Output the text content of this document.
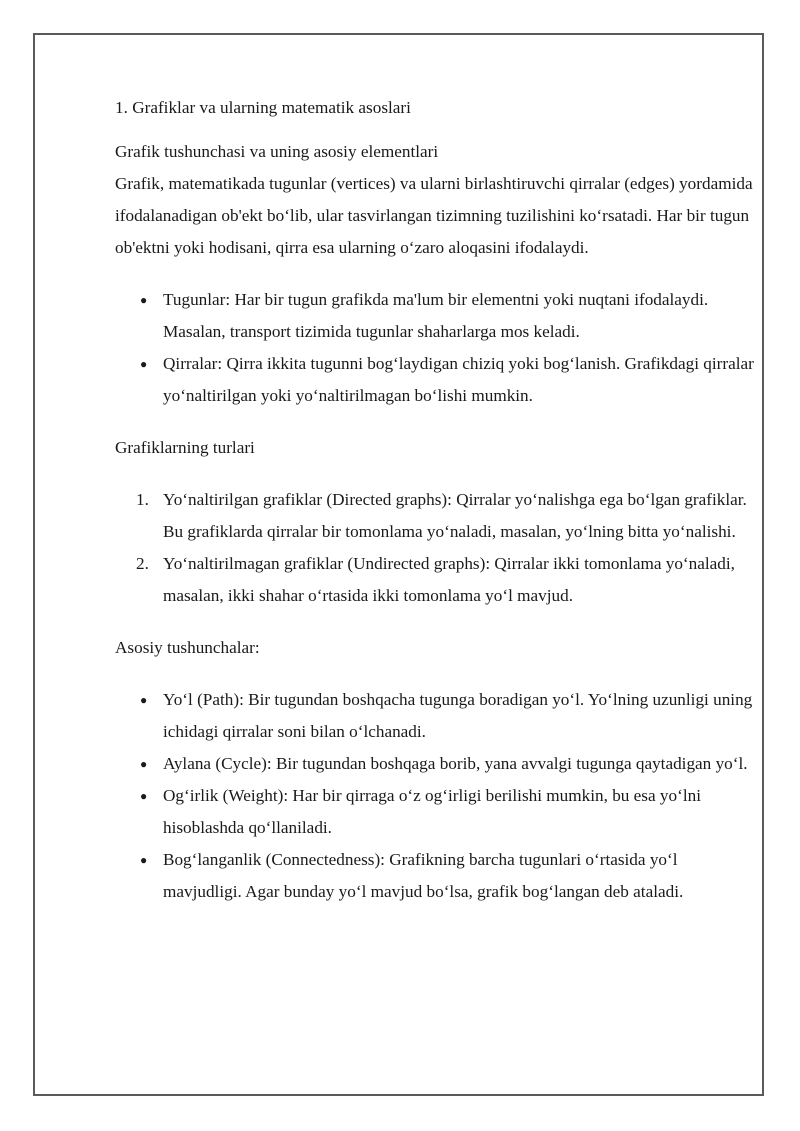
1. Grafiklar va ularning matematik asoslari

Grafik tushunchasi va uning asosiy elementlari

Grafik, matematikada tugunlar (vertices) va ularni birlashtiruvchi qirralar (edges) yordamida ifodalanadigan ob'ekt bo‘lib, ular tasvirlangan tizimning tuzilishini ko‘rsatadi. Har bir tugun ob'ektni yoki hodisani, qirra esa ularning o‘zaro aloqasini ifodalaydi.

● Tugunlar: Har bir tugun grafikda ma'lum bir elementni yoki nuqtani ifodalaydi. Masalan, transport tizimida tugunlar shaharlarga mos keladi.
● Qirralar: Qirra ikkita tugunni bog‘laydigan chiziq yoki bog‘lanish. Grafikdagi qirralar yo‘naltirilgan yoki yo‘naltirilmagan bo‘lishi mumkin.

Grafiklarning turlari

1. Yo‘naltirilgan grafiklar (Directed graphs): Qirralar yo‘nalishga ega bo‘lgan grafiklar. Bu grafiklarda qirralar bir tomonlama yo‘naladi, masalan, yo‘lning bitta yo‘nalishi.
2. Yo‘naltirilmagan grafiklar (Undirected graphs): Qirralar ikki tomonlama yo‘naladi, masalan, ikki shahar o‘rtasida ikki tomonlama yo‘l mavjud.

Asosiy tushunchalar:

● Yo‘l (Path): Bir tugundan boshqacha tugunga boradigan yo‘l. Yo‘lning uzunligi uning ichidagi qirralar soni bilan o‘lchanadi.
● Aylana (Cycle): Bir tugundan boshqaga borib, yana avvalgi tugunga qaytadigan yo‘l.
● Og‘irlik (Weight): Har bir qirraga o‘z og‘irligi berilishi mumkin, bu esa yo‘lni hisoblashda qo‘llaniladi.
● Bog‘langanlik (Connectedness): Grafikning barcha tugunlari o‘rtasida yo‘l mavjudligi. Agar bunday yo‘l mavjud bo‘lsa, grafik bog‘langan deb ataladi.
